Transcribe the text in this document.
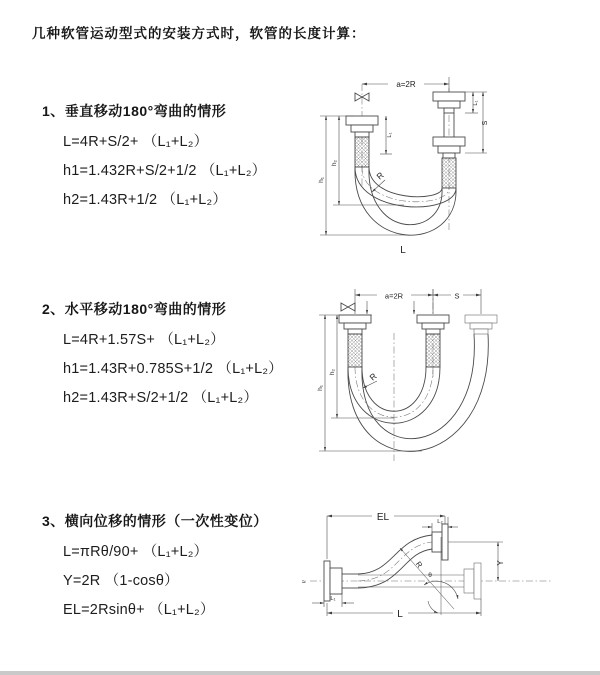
几种软管运动型式的安装方式时，软管的长度计算：
1、垂直移动180°弯曲的情形
L=4R+S/2+ （L₁+L₂）
h1=1.432R+S/2+1/2 （L₁+L₂）
h2=1.43R+1/2 （L₁+L₂）
2、水平移动180°弯曲的情形
L=4R+1.57S+ （L₁+L₂）
h1=1.43R+0.785S+1/2 （L₁+L₂）
h2=1.43R+S/2+1/2 （L₁+L₂）
3、横向位移的情形（一次性变位）
L=πRθ/90+ （L₁+L₂）
Y=2R （1-cosθ）
EL=2Rsinθ+ （L₁+L₂）
a=2R
h₁
h₂
L₁
L₁
S
R
L
a=2R	S
h₁
h₂	R
≈
EL	L₂
Y
θ
R
L₁
L
